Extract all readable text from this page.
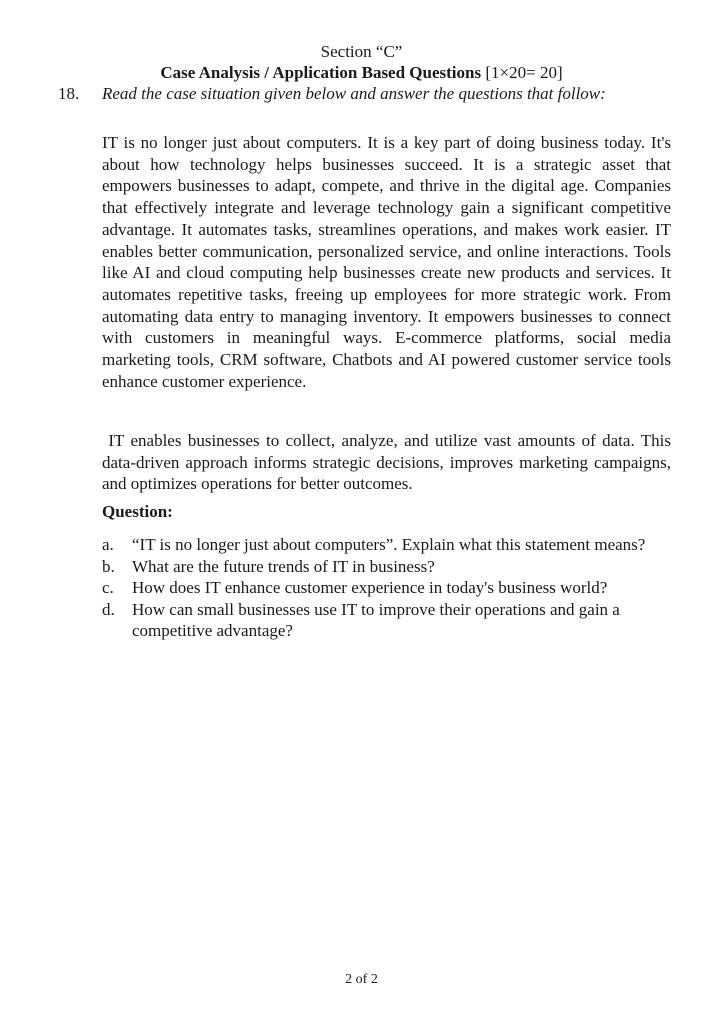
Section “C”
Case Analysis / Application Based Questions [1×20= 20]
18. Read the case situation given below and answer the questions that follow:

IT is no longer just about computers. It is a key part of doing business today. It's about how technology helps businesses succeed. It is a strategic asset that empowers businesses to adapt, compete, and thrive in the digital age. Companies that effectively integrate and leverage technology gain a significant competitive advantage. It automates tasks, streamlines operations, and makes work easier. IT enables better communication, personalized service, and online interactions. Tools like AI and cloud computing help businesses create new products and services. It automates repetitive tasks, freeing up employees for more strategic work. From automating data entry to managing inventory. It empowers businesses to connect with customers in meaningful ways. E-commerce platforms, social media marketing tools, CRM software, Chatbots and AI powered customer service tools enhance customer experience.

IT enables businesses to collect, analyze, and utilize vast amounts of data. This data-driven approach informs strategic decisions, improves marketing campaigns, and optimizes operations for better outcomes.

Question:
a. “IT is no longer just about computers”. Explain what this statement means?
b. What are the future trends of IT in business?
c. How does IT enhance customer experience in today's business world?
d. How can small businesses use IT to improve their operations and gain a competitive advantage?
2 of 2
